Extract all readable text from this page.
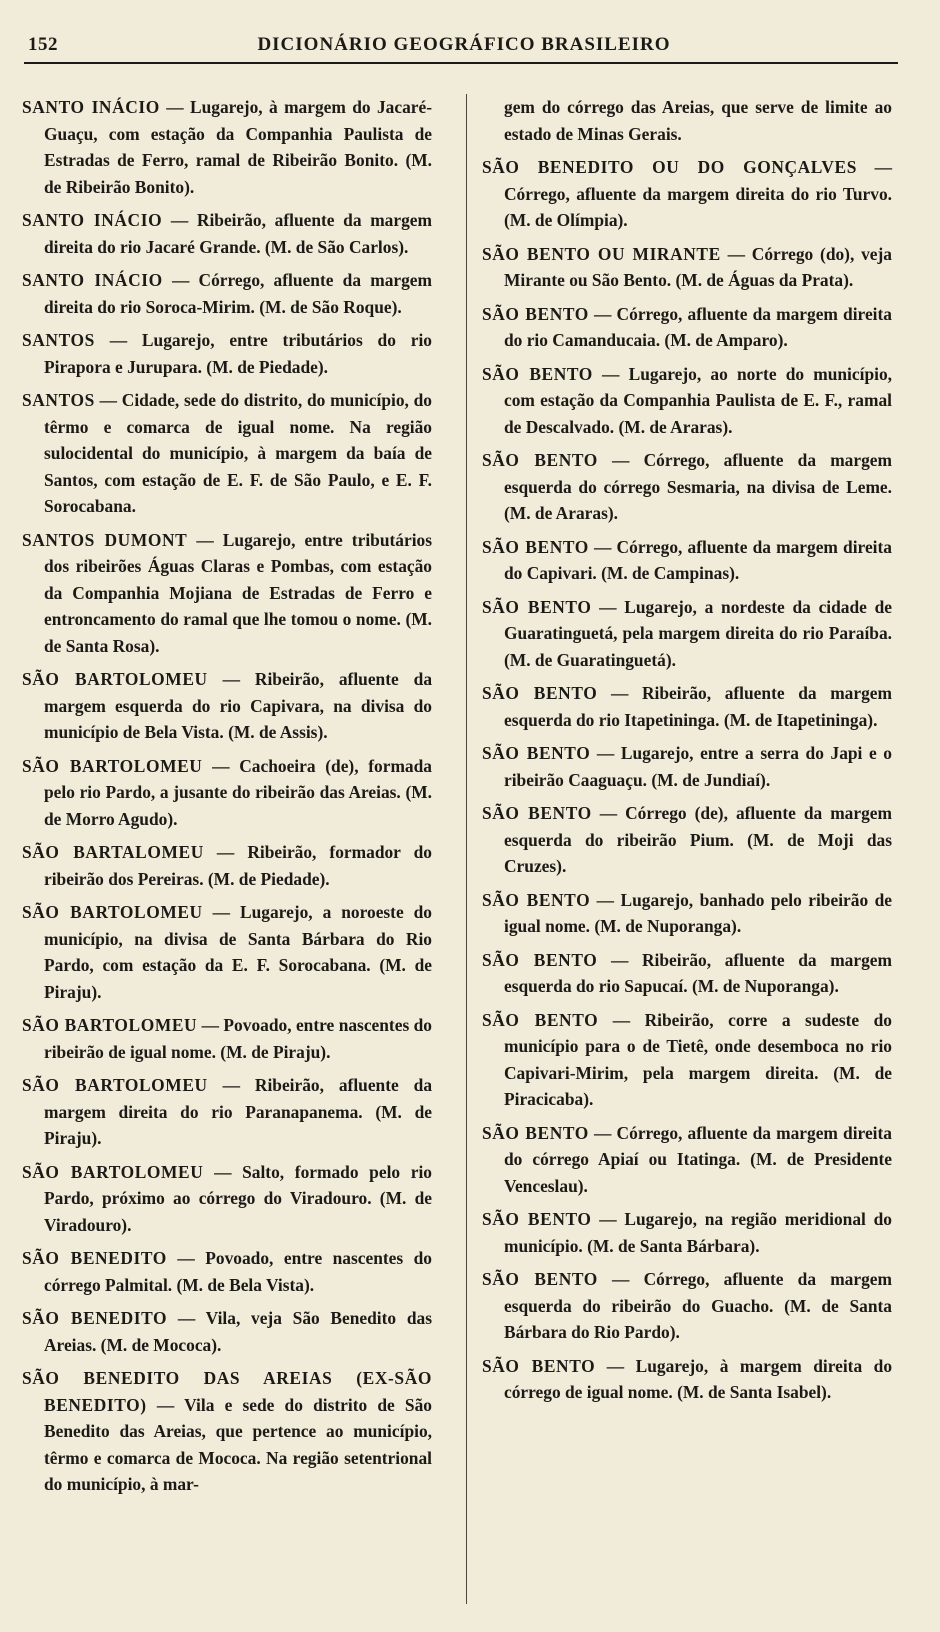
DICIONÁRIO GEOGRÁFICO BRASILEIRO
152

SANTO INÁCIO — Lugarejo, à margem do Jacaré-Guaçu, com estação da Companhia Paulista de Estradas de Ferro, ramal de Ribeirão Bonito. (M. de Ribeirão Bonito).

SANTO INÁCIO — Ribeirão, afluente da margem direita do rio Jacaré Grande. (M. de São Carlos).

SANTO INÁCIO — Córrego, afluente da margem direita do rio Soroca-Mirim. (M. de São Roque).

SANTOS — Lugarejo, entre tributários do rio Pirapora e Jurupara. (M. de Piedade).

SANTOS — Cidade, sede do distrito, do município, do têrmo e comarca de igual nome. Na região sulocidental do município, à margem da baía de Santos, com estação de E. F. de São Paulo, e E. F. Sorocabana.

SANTOS DUMONT — Lugarejo, entre tributários dos ribeirões Águas Claras e Pombas, com estação da Companhia Mojiana de Estradas de Ferro e entroncamento do ramal que lhe tomou o nome. (M. de Santa Rosa).

SÃO BARTOLOMEU — Ribeirão, afluente da margem esquerda do rio Capivara, na divisa do município de Bela Vista. (M. de Assis).

SÃO BARTOLOMEU — Cachoeira (de), formada pelo rio Pardo, a jusante do ribeirão das Areias. (M. de Morro Agudo).

SÃO BARTALOMEU — Ribeirão, formador do ribeirão dos Pereiras. (M. de Piedade).

SÃO BARTOLOMEU — Lugarejo, a noroeste do município, na divisa de Santa Bárbara do Rio Pardo, com estação da E. F. Sorocabana. (M. de Piraju).

SÃO BARTOLOMEU — Povoado, entre nascentes do ribeirão de igual nome. (M. de Piraju).

SÃO BARTOLOMEU — Ribeirão, afluente da margem direita do rio Paranapanema. (M. de Piraju).

SÃO BARTOLOMEU — Salto, formado pelo rio Pardo, próximo ao córrego do Viradouro. (M. de Viradouro).

SÃO BENEDITO — Povoado, entre nascentes do córrego Palmital. (M. de Bela Vista).

SÃO BENEDITO — Vila, veja São Benedito das Areias. (M. de Mococa).

SÃO BENEDITO DAS AREIAS (EX-SÃO BENEDITO) — Vila e sede do distrito de São Benedito das Areias, que pertence ao município, têrmo e comarca de Mococa. Na região setentrional do município, à mar-

gem do córrego das Areias, que serve de limite ao estado de Minas Gerais.

SÃO BENEDITO OU DO GONÇALVES — Córrego, afluente da margem direita do rio Turvo. (M. de Olímpia).

SÃO BENTO OU MIRANTE — Córrego (do), veja Mirante ou São Bento. (M. de Águas da Prata).

SÃO BENTO — Córrego, afluente da margem direita do rio Camanducaia. (M. de Amparo).

SÃO BENTO — Lugarejo, ao norte do município, com estação da Companhia Paulista de E. F., ramal de Descalvado. (M. de Araras).

SÃO BENTO — Córrego, afluente da margem esquerda do córrego Sesmaria, na divisa de Leme. (M. de Araras).

SÃO BENTO — Córrego, afluente da margem direita do Capivari. (M. de Campinas).

SÃO BENTO — Lugarejo, a nordeste da cidade de Guaratinguetá, pela margem direita do rio Paraíba. (M. de Guaratinguetá).

SÃO BENTO — Ribeirão, afluente da margem esquerda do rio Itapetininga. (M. de Itapetininga).

SÃO BENTO — Lugarejo, entre a serra do Japi e o ribeirão Caaguaçu. (M. de Jundiaí).

SÃO BENTO — Córrego (de), afluente da margem esquerda do ribeirão Pium. (M. de Moji das Cruzes).

SÃO BENTO — Lugarejo, banhado pelo ribeirão de igual nome. (M. de Nuporanga).

SÃO BENTO — Ribeirão, afluente da margem esquerda do rio Sapucaí. (M. de Nuporanga).

SÃO BENTO — Ribeirão, corre a sudeste do município para o de Tietê, onde desemboca no rio Capivari-Mirim, pela margem direita. (M. de Piracicaba).

SÃO BENTO — Córrego, afluente da margem direita do córrego Apiaí ou Itatinga. (M. de Presidente Venceslau).

SÃO BENTO — Lugarejo, na região meridional do município. (M. de Santa Bárbara).

SÃO BENTO — Córrego, afluente da margem esquerda do ribeirão do Guacho. (M. de Santa Bárbara do Rio Pardo).

SÃO BENTO — Lugarejo, à margem direita do córrego de igual nome. (M. de Santa Isabel).
